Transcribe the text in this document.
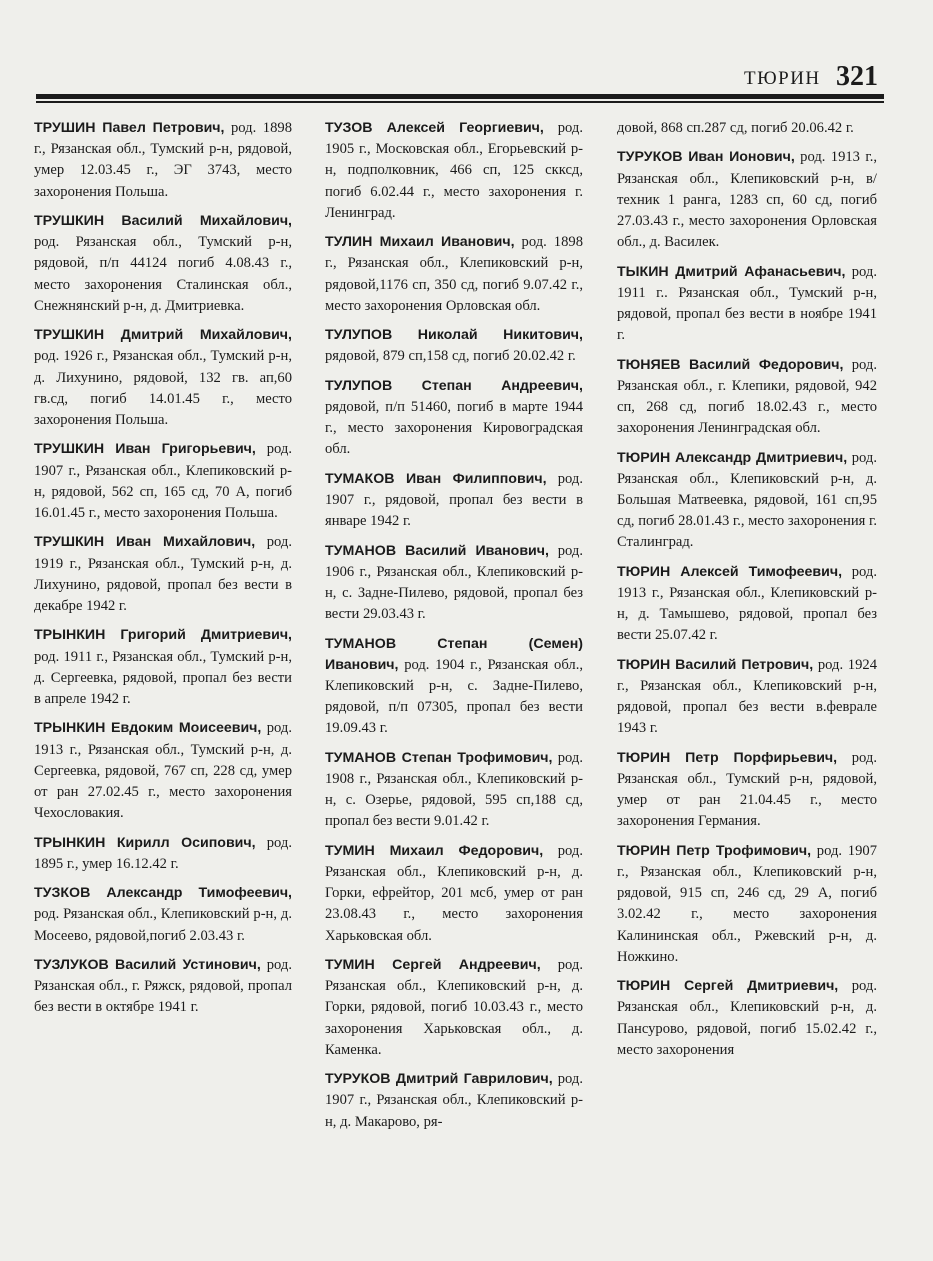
ТЮРИН 321

ТРУШИН Павел Петрович, род. 1898 г., Рязанская обл., Тумский р-н, рядовой, умер 12.03.45 г., ЭГ 3743, место захоронения Польша.

ТРУШКИН Василий Михайлович, род. Рязанская обл., Тумский р-н, рядовой, п/п 44124 погиб 4.08.43 г., место захоронения Сталинская обл., Снежнянский р-н, д. Дмитриевка.

ТРУШКИН Дмитрий Михайлович, род. 1926 г., Рязанская обл., Тумский р-н, д. Лихунино, рядовой, 132 гв. ап,60 гв.сд, погиб 14.01.45 г., место захоронения Польша.

ТРУШКИН Иван Григорьевич, род. 1907 г., Рязанская обл., Клепиковский р-н, рядовой, 562 сп, 165 сд, 70 А, погиб 16.01.45 г., место захоронения Польша.

ТРУШКИН Иван Михайлович, род. 1919 г., Рязанская обл., Тумский р-н, д. Лихунино, рядовой, пропал без вести в декабре 1942 г.

ТРЫНКИН Григорий Дмитриевич, род. 1911 г., Рязанская обл., Тумский р-н, д. Сергеевка, рядовой, пропал без вести в апреле 1942 г.

ТРЫНКИН Евдоким Моисеевич, род. 1913 г., Рязанская обл., Тумский р-н, д. Сергеевка, рядовой, 767 сп, 228 сд, умер от ран 27.02.45 г., место захоронения Чехословакия.

ТРЫНКИН Кирилл Осипович, род. 1895 г., умер 16.12.42 г.

ТУЗКОВ Александр Тимофеевич, род. Рязанская обл., Клепиковский р-н, д. Мосеево, рядовой,погиб 2.03.43 г.

ТУЗЛУКОВ Василий Устинович, род. Рязанская обл., г. Ряжск, рядовой, пропал без вести в октябре 1941 г.

ТУЗОВ Алексей Георгиевич, род. 1905 г., Московская обл., Егорьевский р-н, подполковник, 466 сп, 125 скксд, погиб 6.02.44 г., место захоронения г. Ленинград.

ТУЛИН Михаил Иванович, род. 1898 г., Рязанская обл., Клепиковский р-н, рядовой,1176 сп, 350 сд, погиб 9.07.42 г., место захоронения Орловская обл.

ТУЛУПОВ Николай Никитович, рядовой, 879 сп,158 сд, погиб 20.02.42 г.

ТУЛУПОВ Степан Андреевич, рядовой, п/п 51460, погиб в марте 1944 г., место захоронения Кировоградская обл.

ТУМАКОВ Иван Филиппович, род. 1907 г., рядовой, пропал без вести в январе 1942 г.

ТУМАНОВ Василий Иванович, род. 1906 г., Рязанская обл., Клепиковский р-н, с. Задне-Пилево, рядовой, пропал без вести 29.03.43 г.

ТУМАНОВ Степан (Семен) Иванович, род. 1904 г., Рязанская обл., Клепиковский р-н, с. Задне-Пилево, рядовой, п/п 07305, пропал без вести 19.09.43 г.

ТУМАНОВ Степан Трофимович, род. 1908 г., Рязанская обл., Клепиковский р-н, с. Озерье, рядовой, 595 сп,188 сд, пропал без вести 9.01.42 г.

ТУМИН Михаил Федорович, род. Рязанская обл., Клепиковский р-н, д. Горки, ефрейтор, 201 мсб, умер от ран 23.08.43 г., место захоронения Харьковская обл.

ТУМИН Сергей Андреевич, род. Рязанская обл., Клепиковский р-н, д. Горки, рядовой, погиб 10.03.43 г., место захоронения Харьковская обл., д. Каменка.

ТУРУКОВ Дмитрий Гаврилович, род. 1907 г., Рязанская обл., Клепиковский р-н, д. Макарово, ря-

довой, 868 сп.287 сд, погиб 20.06.42 г.

ТУРУКОВ Иван Ионович, род. 1913 г., Рязанская обл., Клепиковский р-н, в/техник 1 ранга, 1283 сп, 60 сд, погиб 27.03.43 г., место захоронения Орловская обл., д. Василек.

ТЫКИН Дмитрий Афанасьевич, род. 1911 г.. Рязанская обл., Тумский р-н, рядовой, пропал без вести в ноябре 1941 г.

ТЮНЯЕВ Василий Федорович, род. Рязанская обл., г. Клепики, рядовой, 942 сп, 268 сд, погиб 18.02.43 г., место захоронения Ленинградская обл.

ТЮРИН Александр Дмитриевич, род. Рязанская обл., Клепиковский р-н, д. Большая Матвеевка, рядовой, 161 сп,95 сд, погиб 28.01.43 г., место захоронения г. Сталинград.

ТЮРИН Алексей Тимофеевич, род. 1913 г., Рязанская обл., Клепиковский р-н, д. Тамышево, рядовой, пропал без вести 25.07.42 г.

ТЮРИН Василий Петрович, род. 1924 г., Рязанская обл., Клепиковский р-н, рядовой, пропал без вести в.феврале 1943 г.

ТЮРИН Петр Порфирьевич, род. Рязанская обл., Тумский р-н, рядовой, умер от ран 21.04.45 г., место захоронения Германия.

ТЮРИН Петр Трофимович, род. 1907 г., Рязанская обл., Клепиковский р-н, рядовой, 915 сп, 246 сд, 29 А, погиб 3.02.42 г., место захоронения Калининская обл., Ржевский р-н, д. Ножкино.

ТЮРИН Сергей Дмитриевич, род. Рязанская обл., Клепиковский р-н, д. Пансурово, рядовой, погиб 15.02.42 г., место захоронения
